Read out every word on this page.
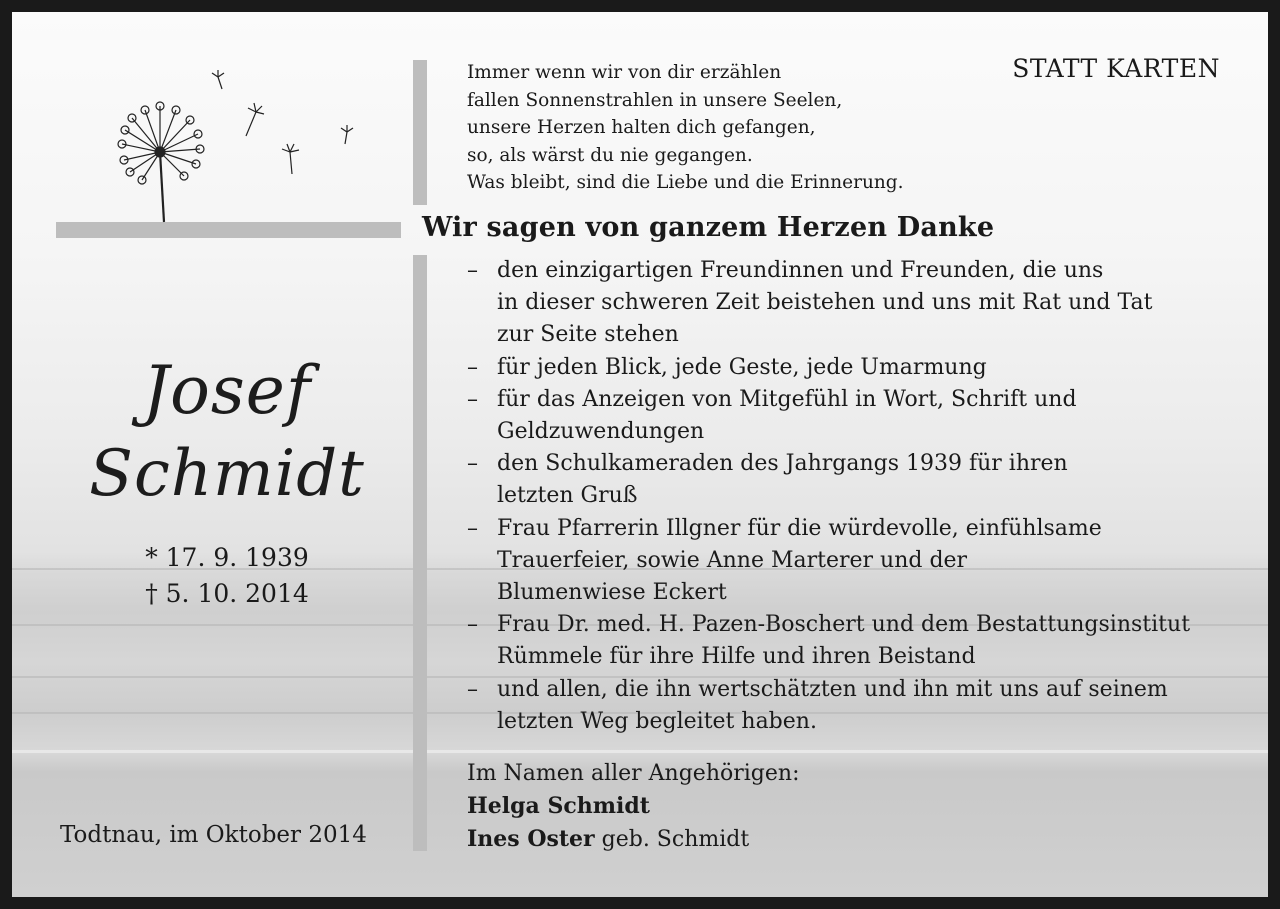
STATT KARTEN
Immer wenn wir von dir erzählen
fallen Sonnenstrahlen in unsere Seelen,
unsere Herzen halten dich gefangen,
so, als wärst du nie gegangen.
Was bleibt, sind die Liebe und die Erinnerung.
Wir sagen von ganzem Herzen Danke
– den einzigartigen Freundinnen und Freunden, die uns
in dieser schweren Zeit beistehen und uns mit Rat und Tat
zur Seite stehen
– für jeden Blick, jede Geste, jede Umarmung
– für das Anzeigen von Mitgefühl in Wort, Schrift und
Geldzuwendungen
– den Schulkameraden des Jahrgangs 1939 für ihren
letzten Gruß
– Frau Pfarrerin Illgner für die würdevolle, einfühlsame
Trauerfeier, sowie Anne Marterer und der
Blumenwiese Eckert
– Frau Dr. med. H. Pazen-Boschert und dem Bestattungsinstitut
Rümmele für ihre Hilfe und ihren Beistand
– und allen, die ihn wertschätzten und ihn mit uns auf seinem
letzten Weg begleitet haben.
Im Namen aller Angehörigen:
Helga Schmidt
Ines Oster geb. Schmidt
Josef
Schmidt
* 17. 9. 1939
† 5. 10. 2014
Todtnau, im Oktober 2014
